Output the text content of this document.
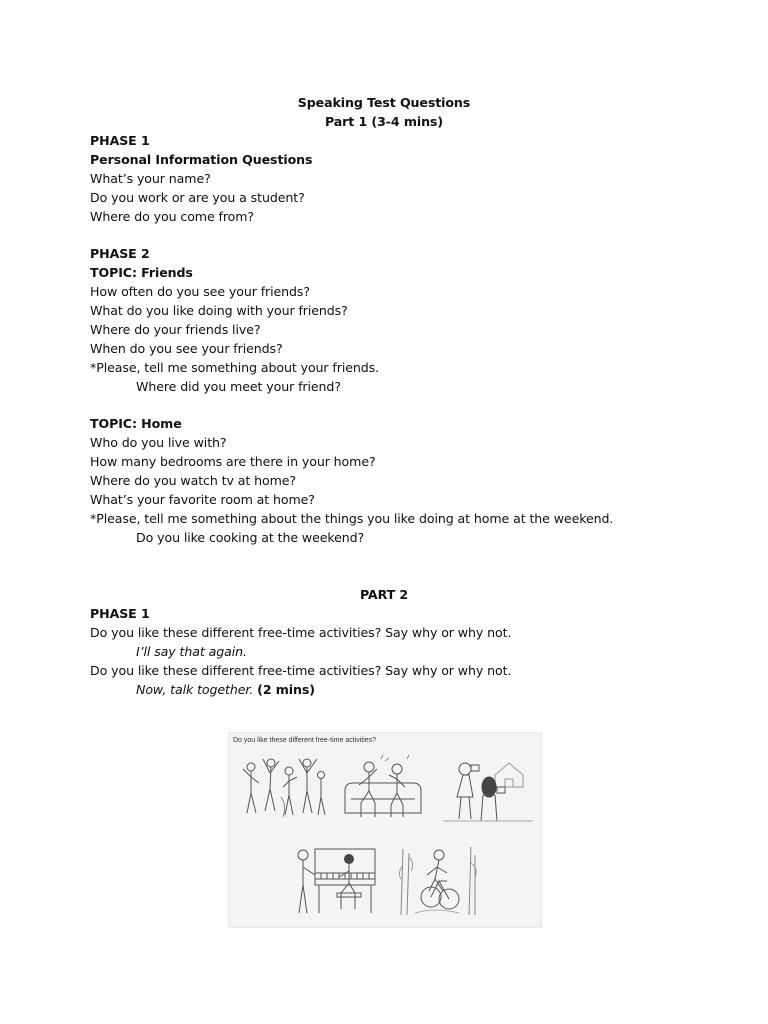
Speaking Test Questions
Part 1 (3-4 mins)
PHASE 1
Personal Information Questions
What’s your name?
Do you work or are you a student?
Where do you come from?
PHASE 2
TOPIC: Friends
How often do you see your friends?
What do you like doing with your friends?
Where do your friends live?
When do you see your friends?
*Please, tell me something about your friends.
Where did you meet your friend?
TOPIC: Home
Who do you live with?
How many bedrooms are there in your home?
Where do you watch tv at home?
What’s your favorite room at home?
*Please, tell me something about the things you like doing at home at the weekend.
Do you like cooking at the weekend?
PART 2
PHASE 1
Do you like these different free-time activities? Say why or why not.
I’ll say that again.
Do you like these different free-time activities? Say why or why not.
Now, talk together. (2 mins)
Do you like these different free-time activities?
